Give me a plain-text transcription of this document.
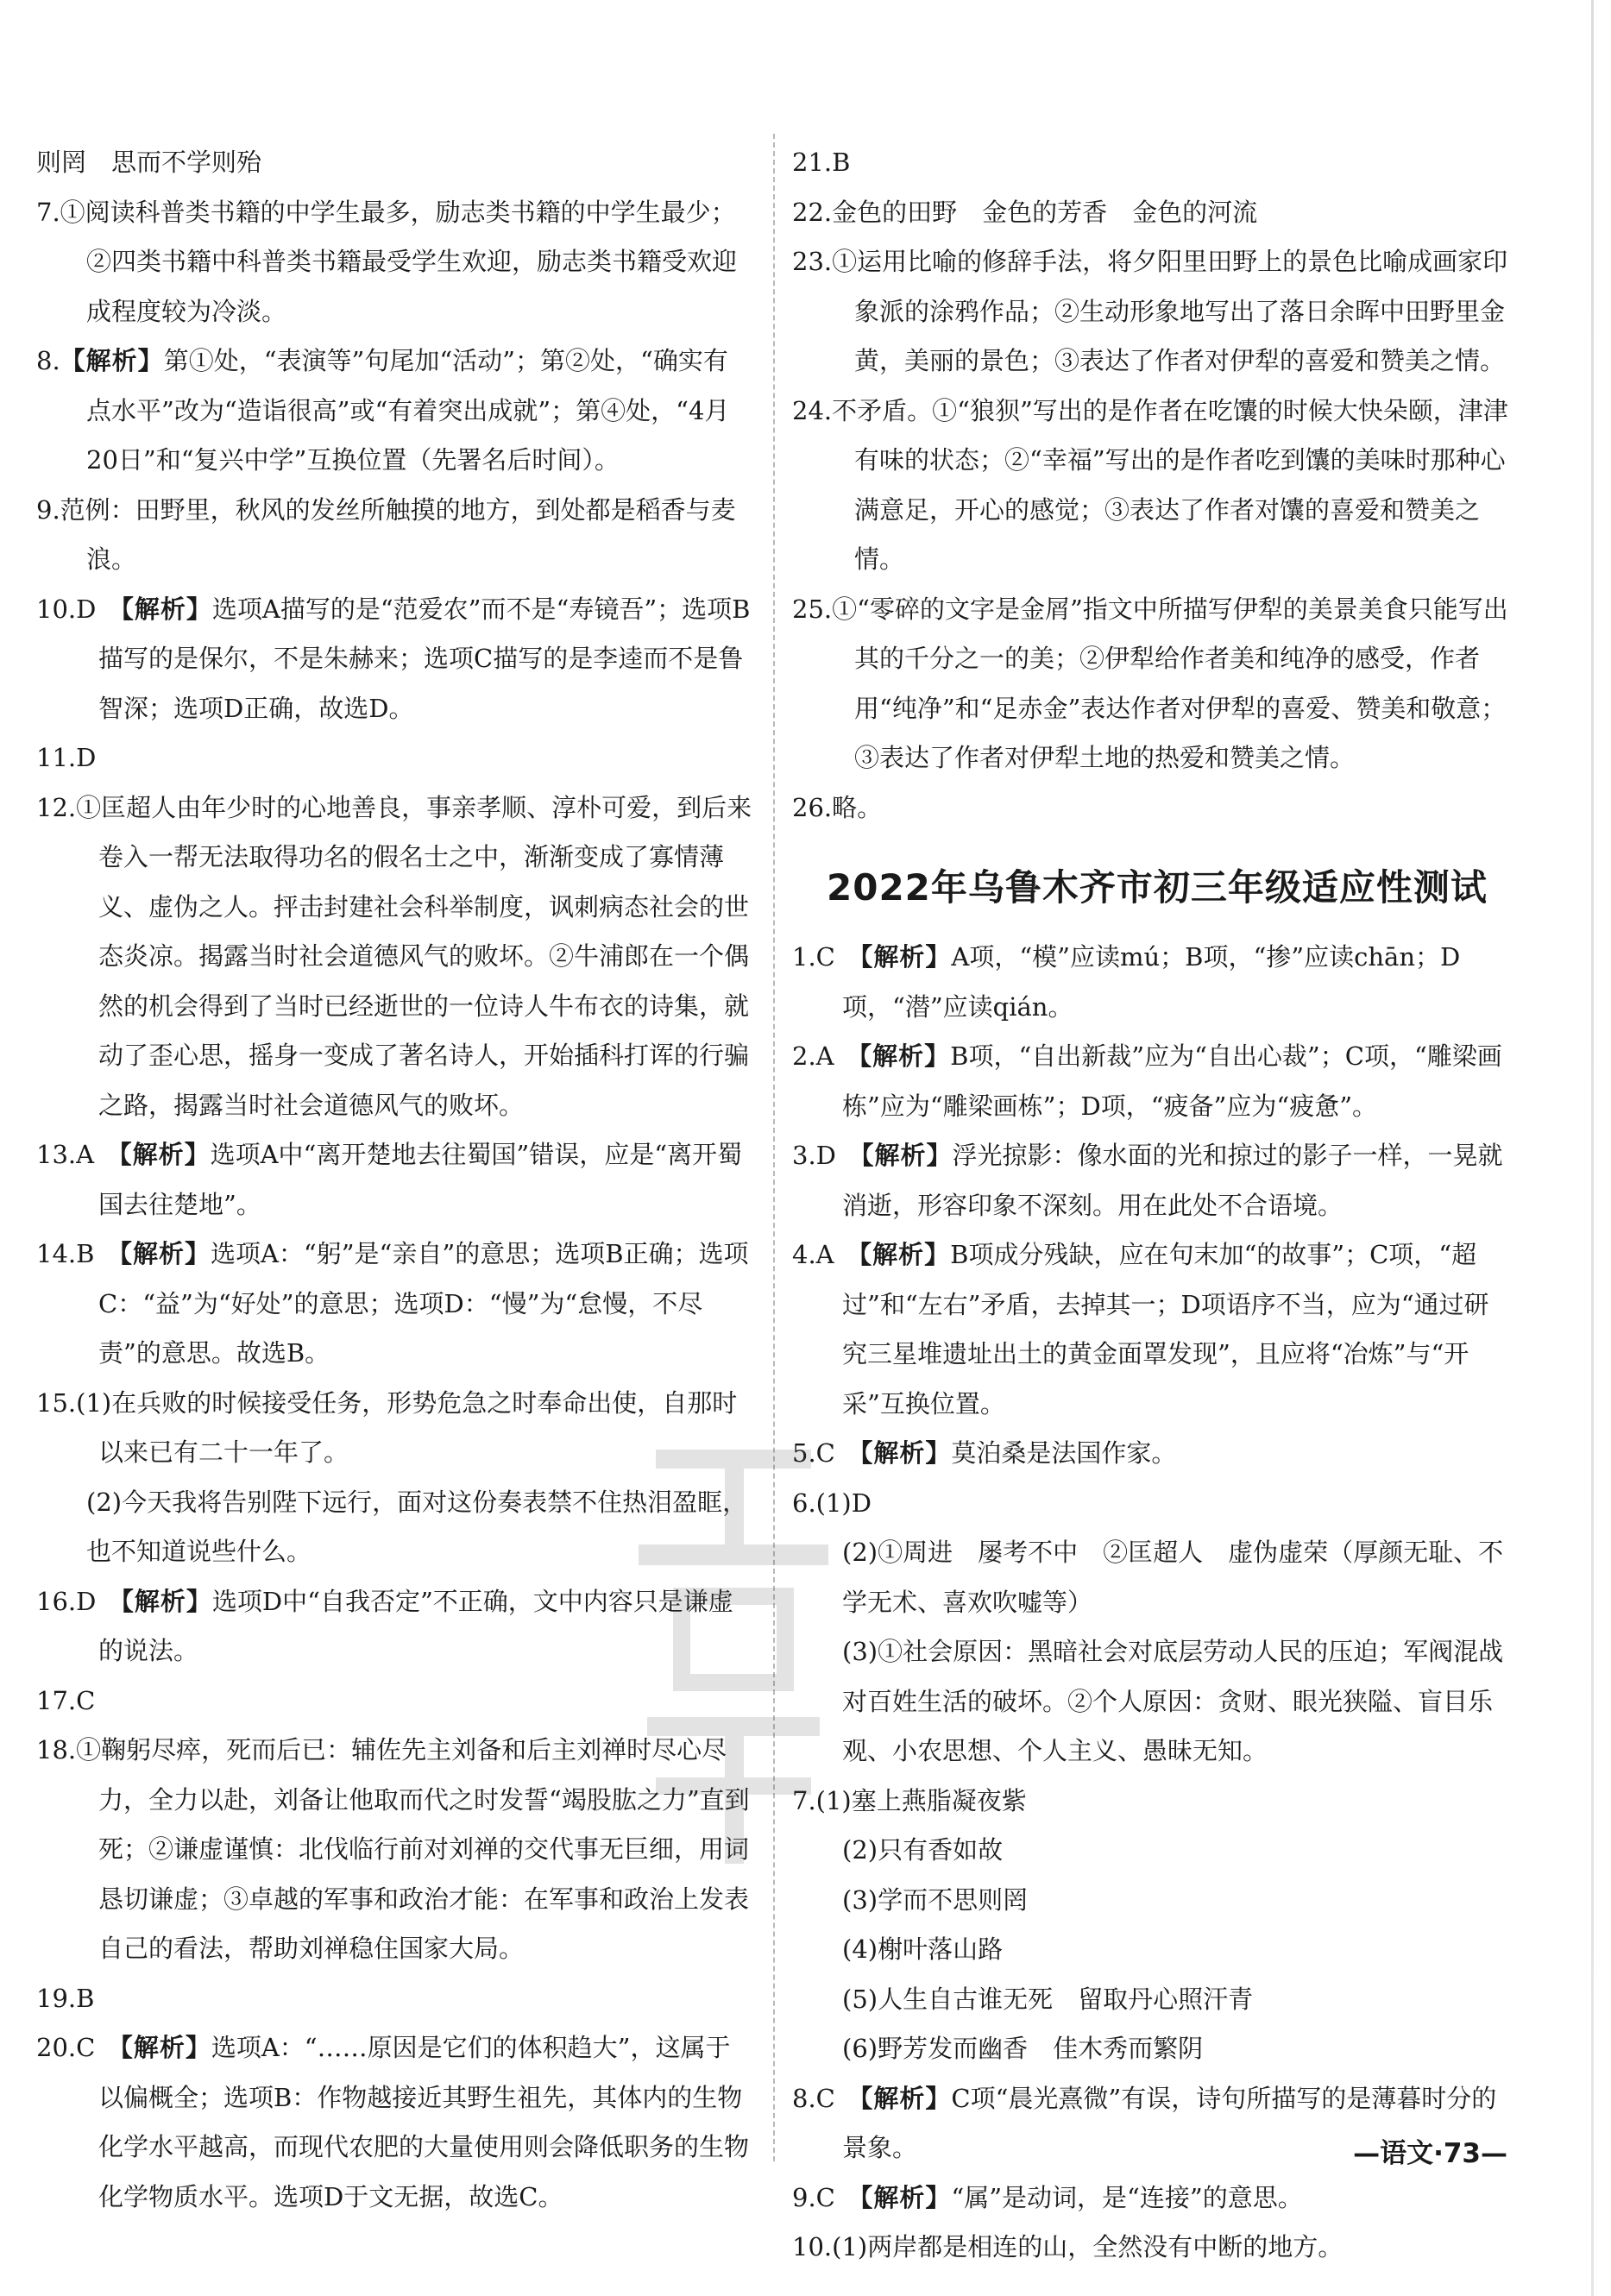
则罔　思而不学则殆
7.①阅读科普类书籍的中学生最多，励志类书籍的中学生最少；②四类书籍中科普类书籍最受学生欢迎，励志类书籍受欢迎成程度较为冷淡。
8.【解析】第①处，“表演等”句尾加“活动”；第②处，“确实有点水平”改为“造诣很高”或“有着突出成就”；第④处，“4月20日”和“复兴中学”互换位置（先署名后时间）。
9.范例：田野里，秋风的发丝所触摸的地方，到处都是稻香与麦浪。
10.D　【解析】选项A描写的是“范爱农”而不是“寿镜吾”；选项B描写的是保尔，不是朱赫来；选项C描写的是李逵而不是鲁智深；选项D正确，故选D。
11.D
12.①匡超人由年少时的心地善良，事亲孝顺、淳朴可爱，到后来卷入一帮无法取得功名的假名士之中，渐渐变成了寡情薄义、虚伪之人。抨击封建社会科举制度，讽刺病态社会的世态炎凉。揭露当时社会道德风气的败坏。②牛浦郎在一个偶然的机会得到了当时已经逝世的一位诗人牛布衣的诗集，就动了歪心思，摇身一变成了著名诗人，开始插科打诨的行骗之路，揭露当时社会道德风气的败坏。
13.A　【解析】选项A中“离开楚地去往蜀国”错误，应是“离开蜀国去往楚地”。
14.B　【解析】选项A：“躬”是“亲自”的意思；选项B正确；选项C：“益”为“好处”的意思；选项D：“慢”为“怠慢，不尽责”的意思。故选B。
15.(1)在兵败的时候接受任务，形势危急之时奉命出使，自那时以来已有二十一年了。
(2)今天我将告别陛下远行，面对这份奏表禁不住热泪盈眶，也不知道说些什么。
16.D　【解析】选项D中“自我否定”不正确，文中内容只是谦虚的说法。
17.C
18.①鞠躬尽瘁，死而后已：辅佐先主刘备和后主刘禅时尽心尽力，全力以赴，刘备让他取而代之时发誓“竭股肱之力”直到死；②谦虚谨慎：北伐临行前对刘禅的交代事无巨细，用词恳切谦虚；③卓越的军事和政治才能：在军事和政治上发表自己的看法，帮助刘禅稳住国家大局。
19.B
20.C　【解析】选项A：“……原因是它们的体积趋大”，这属于以偏概全；选项B：作物越接近其野生祖先，其体内的生物化学水平越高，而现代农肥的大量使用则会降低职务的生物化学物质水平。选项D于文无据，故选C。
21.B
22.金色的田野　金色的芳香　金色的河流
23.①运用比喻的修辞手法，将夕阳里田野上的景色比喻成画家印象派的涂鸦作品；②生动形象地写出了落日余晖中田野里金黄，美丽的景色；③表达了作者对伊犁的喜爱和赞美之情。
24.不矛盾。①“狼狈”写出的是作者在吃馕的时候大快朵颐，津津有味的状态；②“幸福”写出的是作者吃到馕的美味时那种心满意足，开心的感觉；③表达了作者对馕的喜爱和赞美之情。
25.①“零碎的文字是金屑”指文中所描写伊犁的美景美食只能写出其的千分之一的美；②伊犁给作者美和纯净的感受，作者用“纯净”和“足赤金”表达作者对伊犁的喜爱、赞美和敬意；③表达了作者对伊犁土地的热爱和赞美之情。
26.略。
2022年乌鲁木齐市初三年级适应性测试
1.C　【解析】A项，“模”应读mú；B项，“掺”应读chān；D项，“潜”应读qián。
2.A　【解析】B项，“自出新裁”应为“自出心裁”；C项，“雕梁画栋”应为“雕梁画栋”；D项，“疲备”应为“疲惫”。
3.D　【解析】浮光掠影：像水面的光和掠过的影子一样，一晃就消逝，形容印象不深刻。用在此处不合语境。
4.A　【解析】B项成分残缺，应在句末加“的故事”；C项，“超过”和“左右”矛盾，去掉其一；D项语序不当，应为“通过研究三星堆遗址出土的黄金面罩发现”，且应将“冶炼”与“开采”互换位置。
5.C　【解析】莫泊桑是法国作家。
6.(1)D
(2)①周进　屡考不中　②匡超人　虚伪虚荣（厚颜无耻、不学无术、喜欢吹嘘等）
(3)①社会原因：黑暗社会对底层劳动人民的压迫；军阀混战对百姓生活的破坏。②个人原因：贪财、眼光狭隘、盲目乐观、小农思想、个人主义、愚昧无知。
7.(1)塞上燕脂凝夜紫
(2)只有香如故
(3)学而不思则罔
(4)榭叶落山路
(5)人生自古谁无死　留取丹心照汗青
(6)野芳发而幽香　佳木秀而繁阴
8.C　【解析】C项“晨光熹微”有误，诗句所描写的是薄暮时分的景象。
9.C　【解析】“属”是动词，是“连接”的意思。
10.(1)两岸都是相连的山，全然没有中断的地方。
—语文·73—
